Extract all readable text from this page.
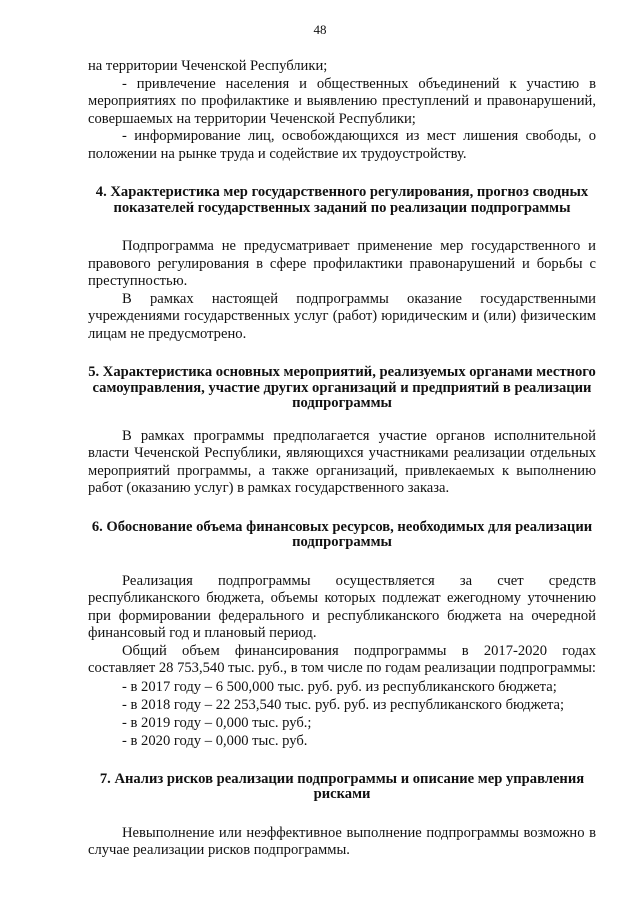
48

на территории Чеченской Республики;

- привлечение населения и общественных объединений к участию в мероприятиях по профилактике и выявлению преступлений и правонарушений, совершаемых на территории Чеченской Республики;

- информирование лиц, освобождающихся из мест лишения свободы, о положении на рынке труда и содействие их трудоустройству.

4. Характеристика мер государственного регулирования, прогноз сводных показателей государственных заданий по реализации подпрограммы

Подпрограмма не предусматривает применение мер государственного и правового регулирования в сфере профилактики правонарушений и борьбы с преступностью.

В рамках настоящей подпрограммы оказание государственными учреждениями государственных услуг (работ) юридическим и (или) физическим лицам не предусмотрено.

5. Характеристика основных мероприятий, реализуемых органами местного самоуправления, участие других организаций и предприятий в реализации подпрограммы

В рамках программы предполагается участие органов исполнительной власти Чеченской Республики, являющихся участниками реализации отдельных мероприятий программы, а также организаций, привлекаемых к выполнению работ (оказанию услуг) в рамках государственного заказа.

6. Обоснование объема финансовых ресурсов, необходимых для реализации подпрограммы

Реализация подпрограммы осуществляется за счет средств республиканского бюджета, объемы которых подлежат ежегодному уточнению при формировании федерального и республиканского бюджета на очередной финансовый год и плановый период.

Общий объем финансирования подпрограммы в 2017-2020 годах составляет 28 753,540 тыс. руб., в том числе по годам реализации подпрограммы:

- в 2017 году – 6 500,000 тыс. руб. руб. из республиканского бюджета;
- в 2018 году – 22 253,540 тыс. руб. руб. из республиканского бюджета;
- в 2019 году – 0,000 тыс. руб.;
- в 2020 году – 0,000 тыс. руб.
7. Анализ рисков реализации подпрограммы и описание мер управления рисками

Невыполнение или неэффективное выполнение подпрограммы возможно в случае реализации рисков подпрограммы.
